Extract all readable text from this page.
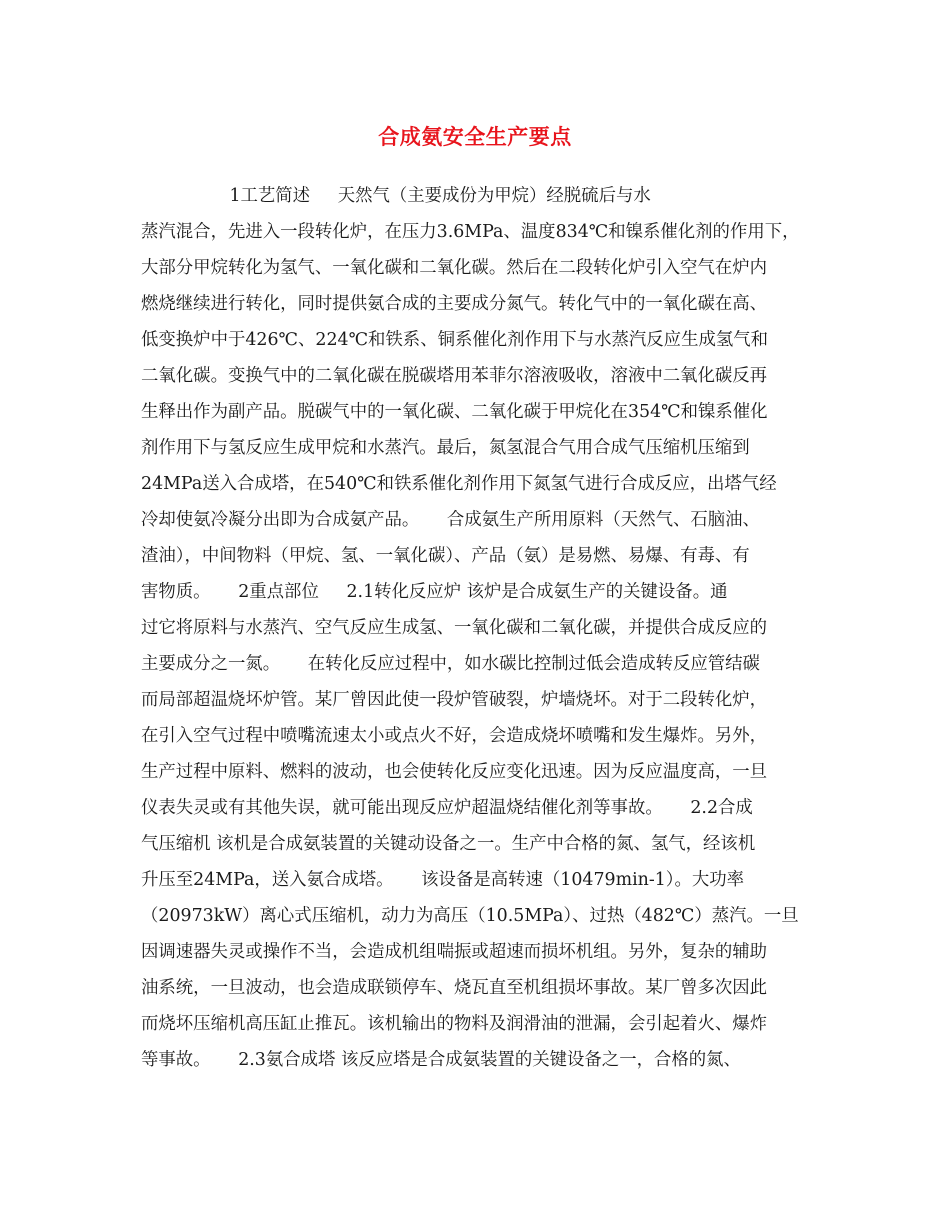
合成氨安全生产要点
1工艺简述     天然气（主要成份为甲烷）经脱硫后与水
蒸汽混合，先进入一段转化炉，在压力3.6MPa、温度834℃和镍系催化剂的作用下，
大部分甲烷转化为氢气、一氧化碳和二氧化碳。然后在二段转化炉引入空气在炉内
燃烧继续进行转化，同时提供氨合成的主要成分氮气。转化气中的一氧化碳在高、
低变换炉中于426℃、224℃和铁系、铜系催化剂作用下与水蒸汽反应生成氢气和
二氧化碳。变换气中的二氧化碳在脱碳塔用苯菲尔溶液吸收，溶液中二氧化碳反再
生释出作为副产品。脱碳气中的一氧化碳、二氧化碳于甲烷化在354℃和镍系催化
剂作用下与氢反应生成甲烷和水蒸汽。最后，氮氢混合气用合成气压缩机压缩到
24MPa送入合成塔，在540℃和铁系催化剂作用下氮氢气进行合成反应，出塔气经
冷却使氨冷凝分出即为合成氨产品。     合成氨生产所用原料（天然气、石脑油、
渣油），中间物料（甲烷、氢、一氧化碳）、产品（氨）是易燃、易爆、有毒、有
害物质。     2重点部位     2.1转化反应炉 该炉是合成氨生产的关键设备。通
过它将原料与水蒸汽、空气反应生成氢、一氧化碳和二氧化碳，并提供合成反应的
主要成分之一氮。     在转化反应过程中，如水碳比控制过低会造成转反应管结碳
而局部超温烧坏炉管。某厂曾因此使一段炉管破裂，炉墙烧坏。对于二段转化炉，
在引入空气过程中喷嘴流速太小或点火不好，会造成烧坏喷嘴和发生爆炸。另外，
生产过程中原料、燃料的波动，也会使转化反应变化迅速。因为反应温度高，一旦
仪表失灵或有其他失误，就可能出现反应炉超温烧结催化剂等事故。     2.2合成
气压缩机 该机是合成氨装置的关键动设备之一。生产中合格的氮、氢气，经该机
升压至24MPa，送入氨合成塔。     该设备是高转速（10479min-1）。大功率
（20973kW）离心式压缩机，动力为高压（10.5MPa）、过热（482℃）蒸汽。一旦
因调速器失灵或操作不当，会造成机组喘振或超速而损坏机组。另外，复杂的辅助
油系统，一旦波动，也会造成联锁停车、烧瓦直至机组损坏事故。某厂曾多次因此
而烧坏压缩机高压缸止推瓦。该机输出的物料及润滑油的泄漏，会引起着火、爆炸
等事故。     2.3氨合成塔 该反应塔是合成氨装置的关键设备之一，合格的氮、
